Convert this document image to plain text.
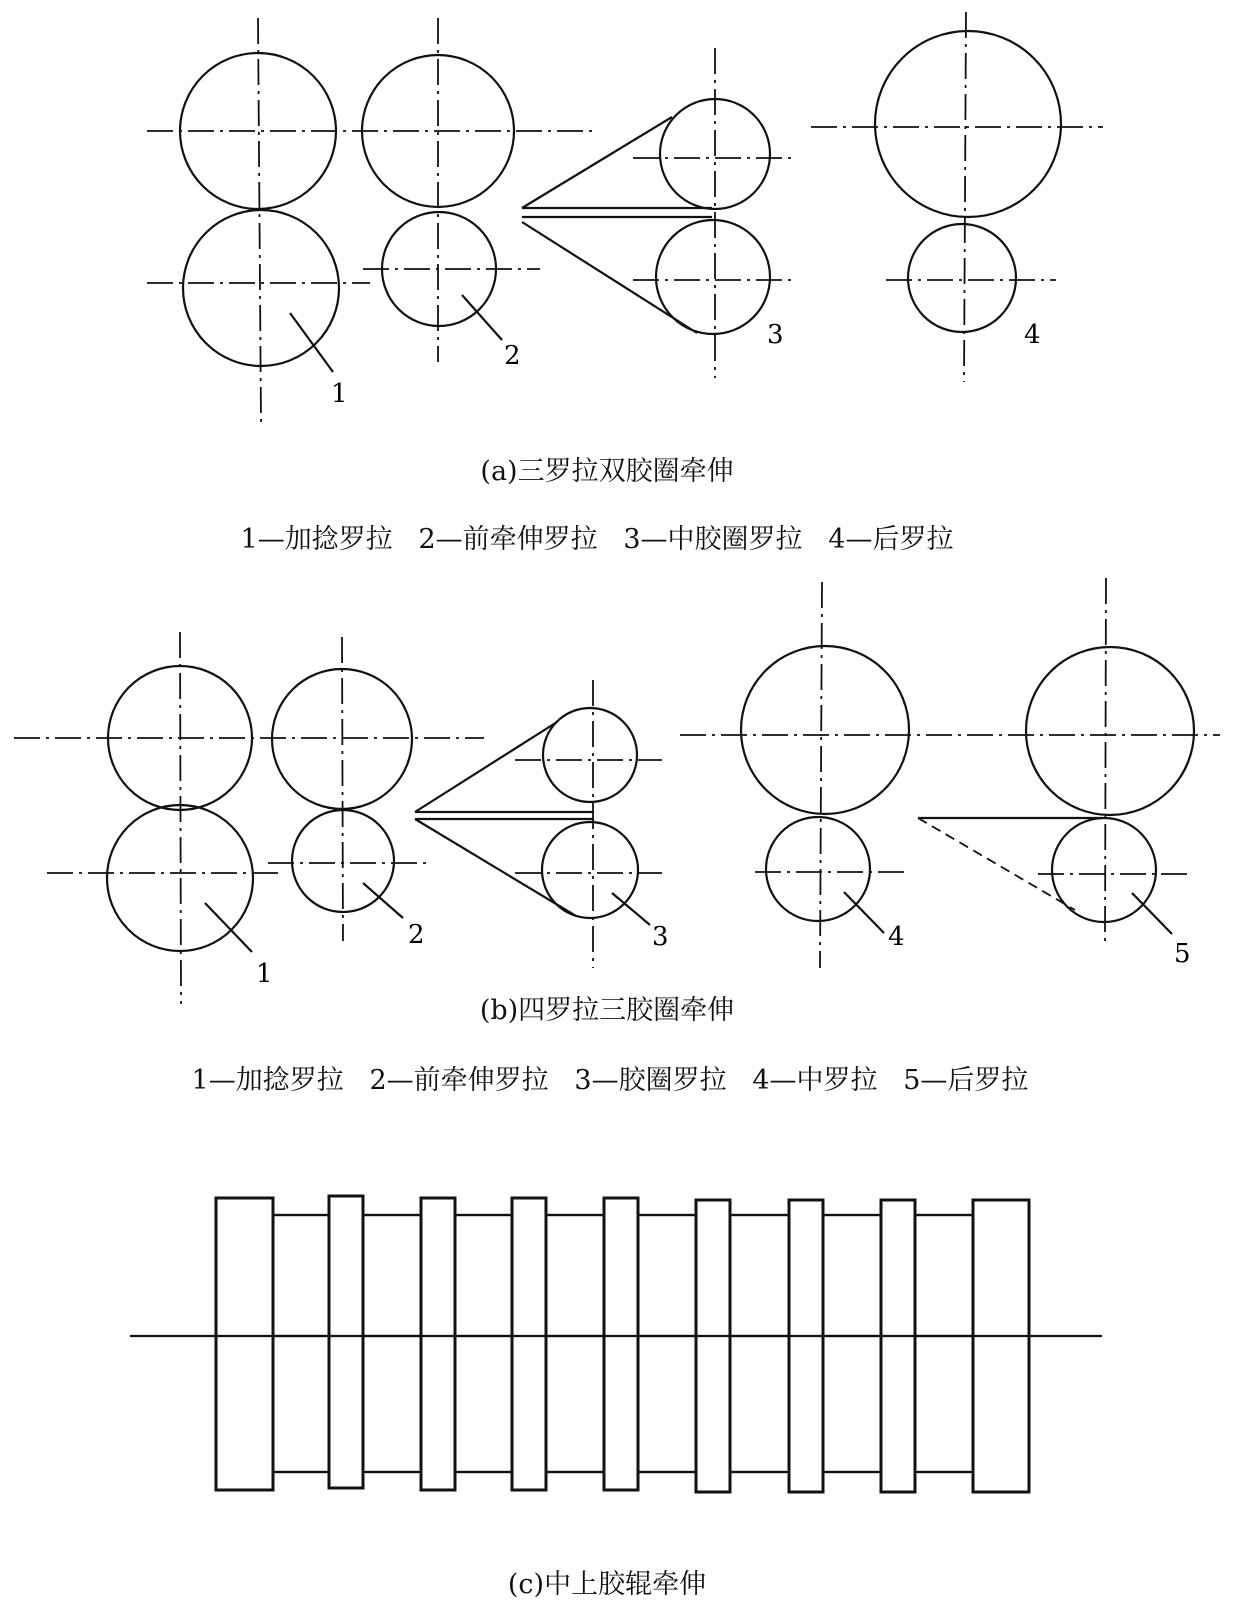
1
2
3	4
1
2	3	4
5
(a)三罗拉双胶圈牵伸
1—加捻罗拉   2—前牵伸罗拉   3—中胶圈罗拉   4—后罗拉
(b)四罗拉三胶圈牵伸
1—加捻罗拉   2—前牵伸罗拉   3—胶圈罗拉   4—中罗拉   5—后罗拉
(c)中上胶辊牵伸
